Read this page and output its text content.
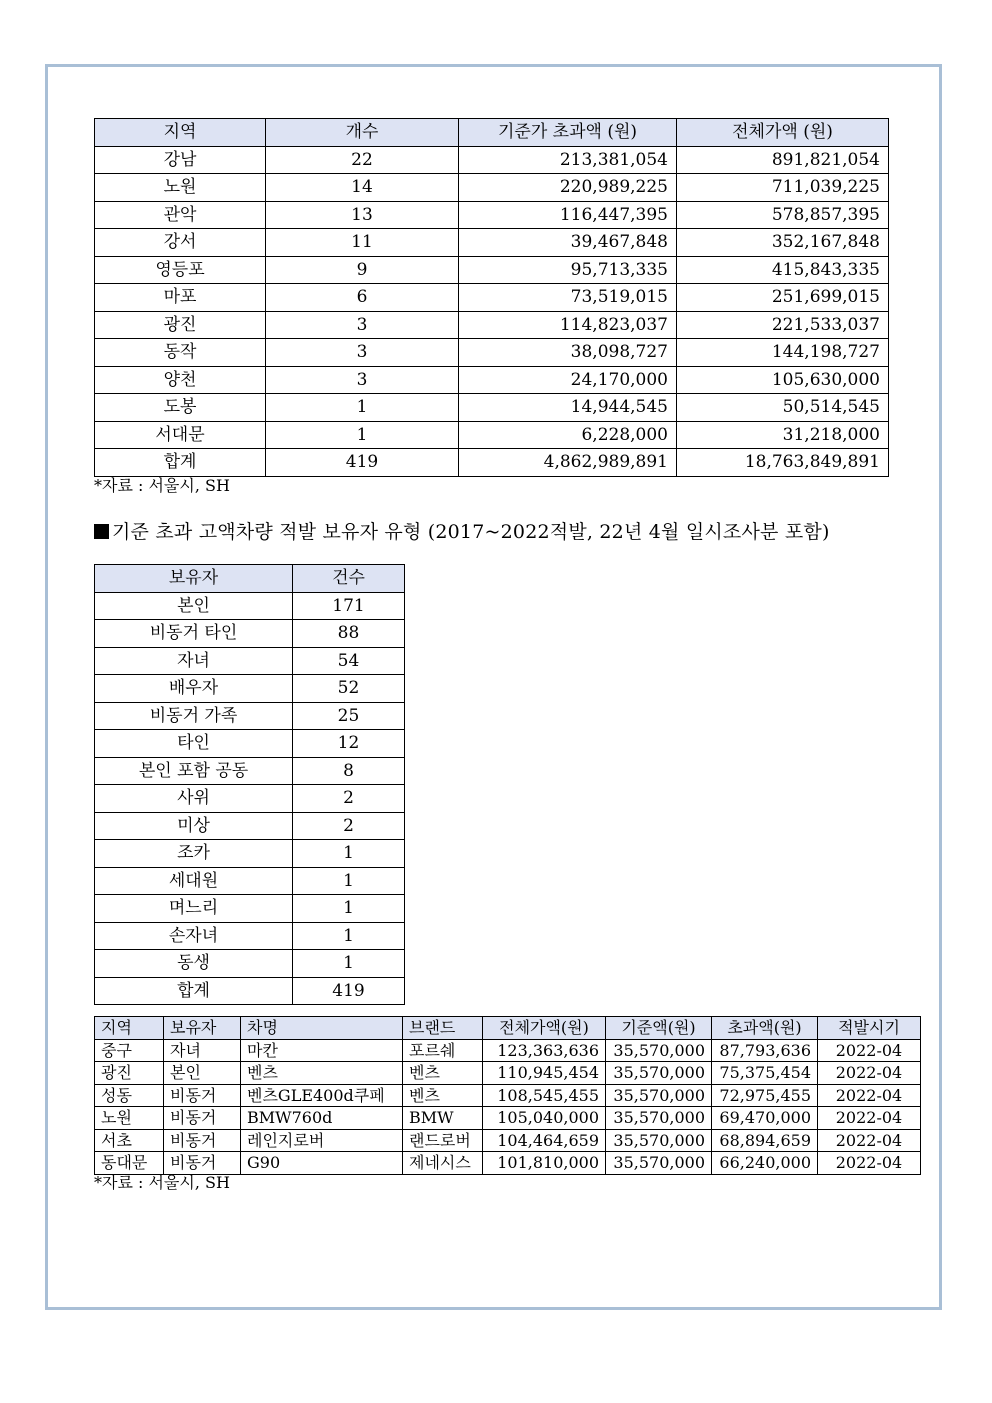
지역	개수	기준가 초과액 (원)	전체가액 (원)
강남	22	213,381,054	891,821,054
노원	14	220,989,225	711,039,225
관악	13	116,447,395	578,857,395
강서	11	39,467,848	352,167,848
영등포	9	95,713,335	415,843,335
마포	6	73,519,015	251,699,015
광진	3	114,823,037	221,533,037
동작	3	38,098,727	144,198,727
양천	3	24,170,000	105,630,000
도봉	1	14,944,545	50,514,545
서대문	1	6,228,000	31,218,000
합계	419	4,862,989,891	18,763,849,891
*자료 : 서울시, SH
기준 초과 고액차량 적발 보유자 유형 (2017~2022적발, 22년 4월 일시조사분 포함)
보유자	건수
본인	171
비동거 타인	88
자녀	54
배우자	52
비동거 가족	25
타인	12
본인 포함 공동	8
사위	2
미상	2
조카	1
세대원	1
며느리	1
손자녀	1
동생	1
합계	419
지역	보유자	차명	브랜드	전체가액(원)	기준액(원)	초과액(원)	적발시기
중구	자녀	마칸	포르쉐	123,363,636	35,570,000	87,793,636	2022-04
광진	본인	벤츠	벤츠	110,945,454	35,570,000	75,375,454	2022-04
성동	비동거	벤츠GLE400d쿠페	벤츠	108,545,455	35,570,000	72,975,455	2022-04
노원	비동거	BMW760d	BMW	105,040,000	35,570,000	69,470,000	2022-04
서초	비동거	레인지로버	랜드로버	104,464,659	35,570,000	68,894,659	2022-04
동대문	비동거	G90	제네시스	101,810,000	35,570,000	66,240,000	2022-04
*자료 : 서울시, SH
